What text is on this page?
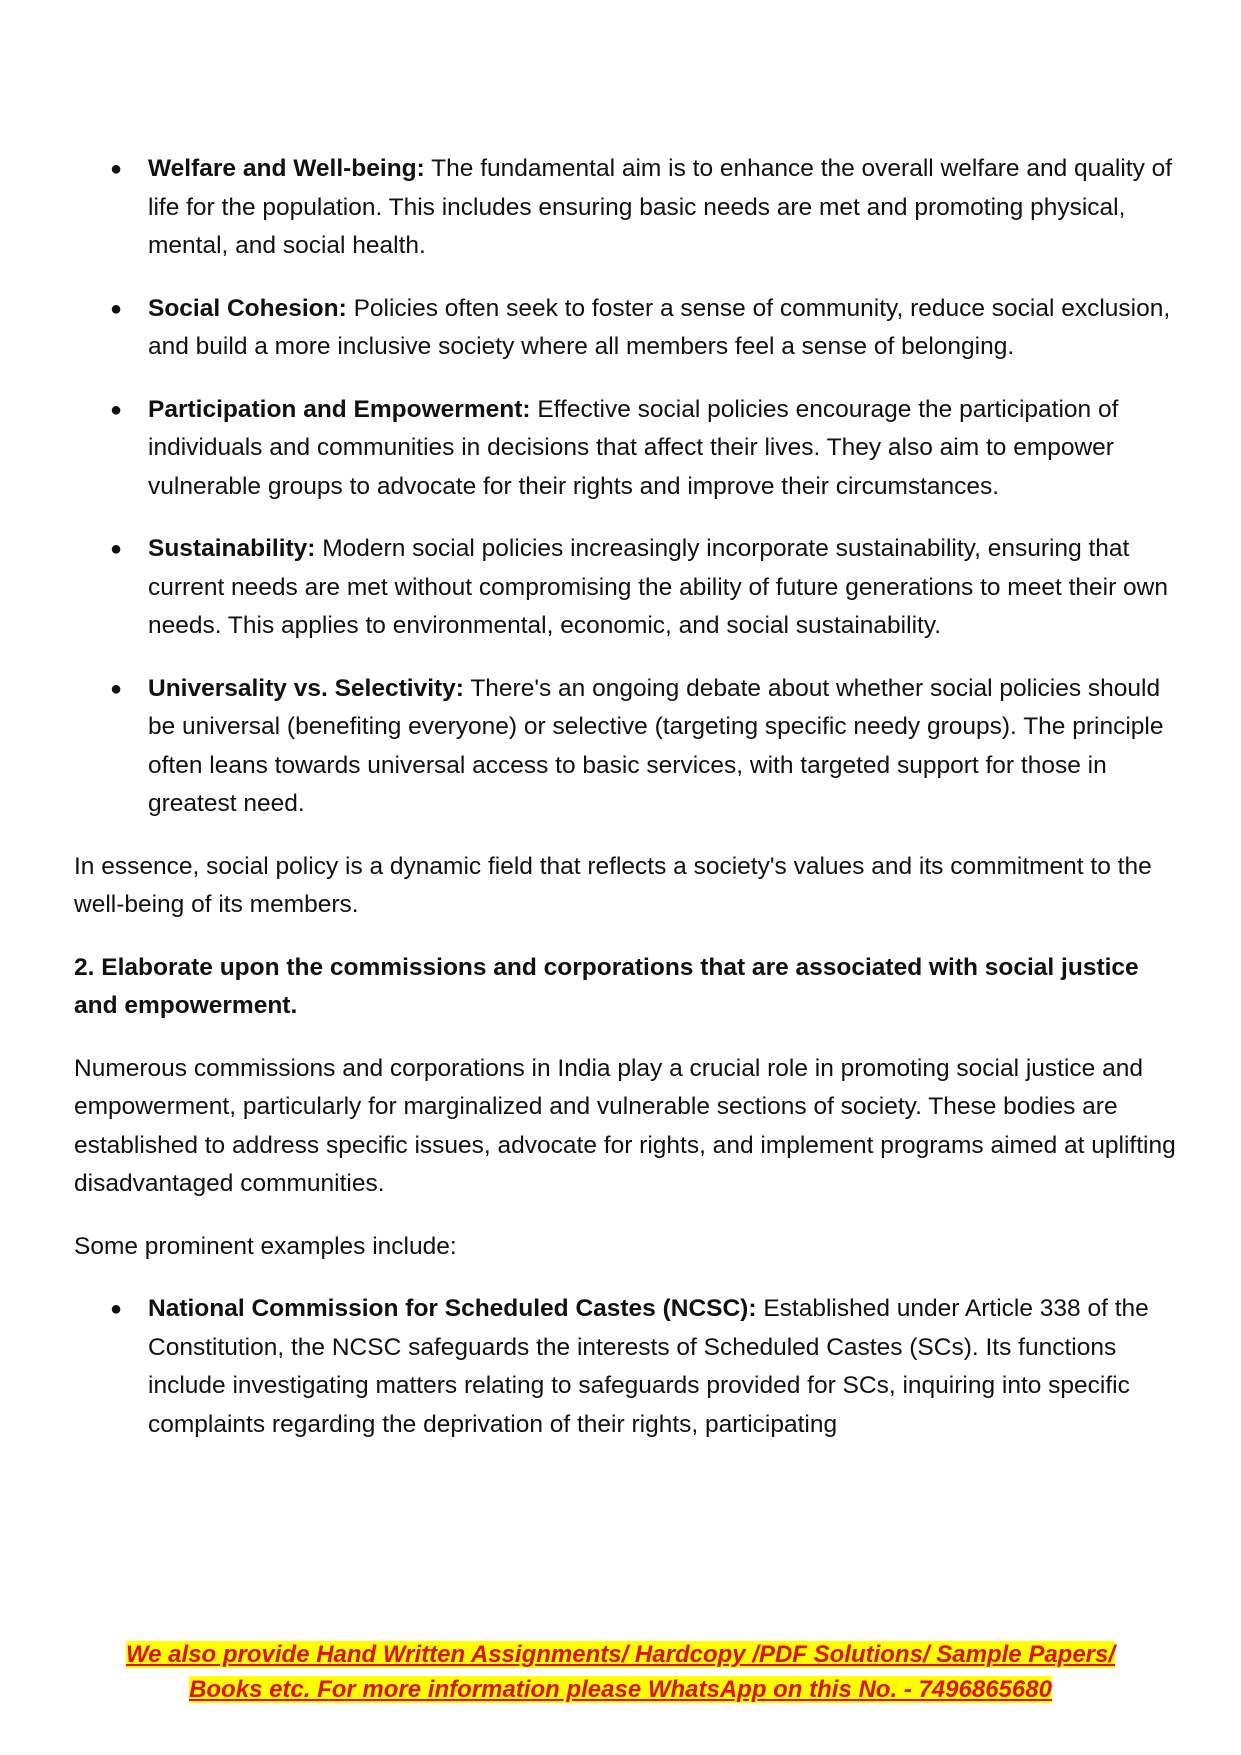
● Welfare and Well-being: The fundamental aim is to enhance the overall welfare and quality of life for the population. This includes ensuring basic needs are met and promoting physical, mental, and social health.
● Social Cohesion: Policies often seek to foster a sense of community, reduce social exclusion, and build a more inclusive society where all members feel a sense of belonging.
● Participation and Empowerment: Effective social policies encourage the participation of individuals and communities in decisions that affect their lives. They also aim to empower vulnerable groups to advocate for their rights and improve their circumstances.
● Sustainability: Modern social policies increasingly incorporate sustainability, ensuring that current needs are met without compromising the ability of future generations to meet their own needs. This applies to environmental, economic, and social sustainability.
● Universality vs. Selectivity: There's an ongoing debate about whether social policies should be universal (benefiting everyone) or selective (targeting specific needy groups). The principle often leans towards universal access to basic services, with targeted support for those in greatest need.

In essence, social policy is a dynamic field that reflects a society's values and its commitment to the well-being of its members.

2. Elaborate upon the commissions and corporations that are associated with social justice and empowerment.

Numerous commissions and corporations in India play a crucial role in promoting social justice and empowerment, particularly for marginalized and vulnerable sections of society. These bodies are established to address specific issues, advocate for rights, and implement programs aimed at uplifting disadvantaged communities.

Some prominent examples include:

● National Commission for Scheduled Castes (NCSC): Established under Article 338 of the Constitution, the NCSC safeguards the interests of Scheduled Castes (SCs). Its functions include investigating matters relating to safeguards provided for SCs, inquiring into specific complaints regarding the deprivation of their rights, participating
We also provide Hand Written Assignments/ Hardcopy /PDF Solutions/ Sample Papers/
Books etc. For more information please WhatsApp on this No. - 7496865680
